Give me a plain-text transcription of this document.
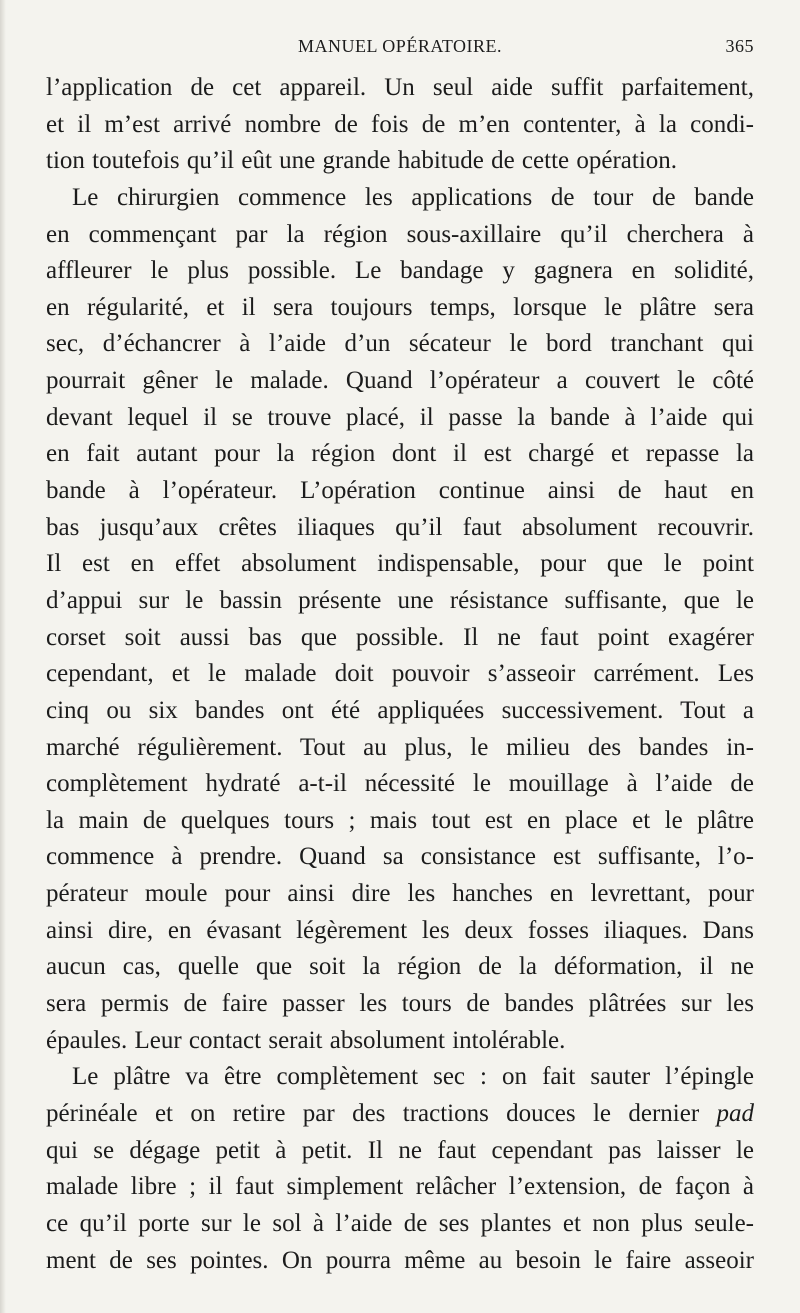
MANUEL OPÉRATOIRE.	365
l’application de cet appareil. Un seul aide suffit parfaitement,
et il m’est arrivé nombre de fois de m’en contenter, à la condi-
tion toutefois qu’il eût une grande habitude de cette opération.
Le chirurgien commence les applications de tour de bande
en commençant par la région sous-axillaire qu’il cherchera à
affleurer le plus possible. Le bandage y gagnera en solidité,
en régularité, et il sera toujours temps, lorsque le plâtre sera
sec, d’échancrer à l’aide d’un sécateur le bord tranchant qui
pourrait gêner le malade. Quand l’opérateur a couvert le côté
devant lequel il se trouve placé, il passe la bande à l’aide qui
en fait autant pour la région dont il est chargé et repasse la
bande à l’opérateur. L’opération continue ainsi de haut en
bas jusqu’aux crêtes iliaques qu’il faut absolument recouvrir.
Il est en effet absolument indispensable, pour que le point
d’appui sur le bassin présente une résistance suffisante, que le
corset soit aussi bas que possible. Il ne faut point exagérer
cependant, et le malade doit pouvoir s’asseoir carrément. Les
cinq ou six bandes ont été appliquées successivement. Tout a
marché régulièrement. Tout au plus, le milieu des bandes in-
complètement hydraté a-t-il nécessité le mouillage à l’aide de
la main de quelques tours ; mais tout est en place et le plâtre
commence à prendre. Quand sa consistance est suffisante, l’o-
pérateur moule pour ainsi dire les hanches en levrettant, pour
ainsi dire, en évasant légèrement les deux fosses iliaques. Dans
aucun cas, quelle que soit la région de la déformation, il ne
sera permis de faire passer les tours de bandes plâtrées sur les
épaules. Leur contact serait absolument intolérable.
Le plâtre va être complètement sec : on fait sauter l’épingle
périnéale et on retire par des tractions douces le dernier pad
qui se dégage petit à petit. Il ne faut cependant pas laisser le
malade libre ; il faut simplement relâcher l’extension, de façon à
ce qu’il porte sur le sol à l’aide de ses plantes et non plus seule-
ment de ses pointes. On pourra même au besoin le faire asseoir
